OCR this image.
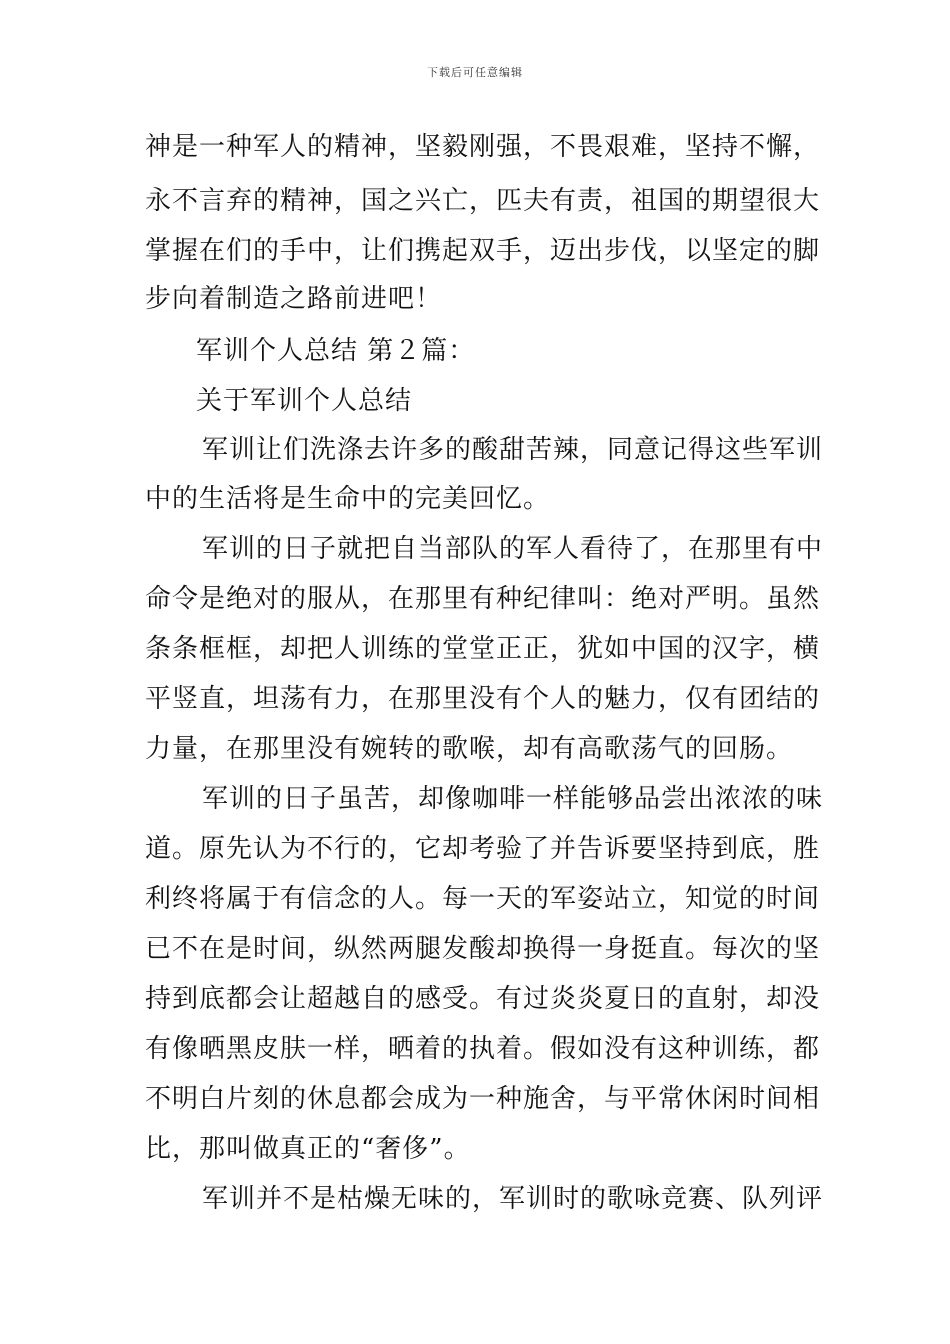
下载后可任意编辑
神是一种军人的精神，坚毅刚强，不畏艰难，坚持不懈，
永不言弃的精神，国之兴亡，匹夫有责，祖国的期望很大
掌握在们的手中，让们携起双手，迈出步伐，以坚定的脚
步向着制造之路前进吧！
军训个人总结 第２篇：
关于军训个人总结
军训让们洗涤去许多的酸甜苦辣，同意记得这些军训
中的生活将是生命中的完美回忆。
军训的日子就把自当部队的军人看待了，在那里有中
命令是绝对的服从，在那里有种纪律叫：绝对严明。虽然
条条框框，却把人训练的堂堂正正，犹如中国的汉字，横
平竖直，坦荡有力，在那里没有个人的魅力，仅有团结的
力量，在那里没有婉转的歌喉，却有高歌荡气的回肠。
军训的日子虽苦，却像咖啡一样能够品尝出浓浓的味
道。原先认为不行的，它却考验了并告诉要坚持到底，胜
利终将属于有信念的人。每一天的军姿站立，知觉的时间
已不在是时间，纵然两腿发酸却换得一身挺直。每次的坚
持到底都会让超越自的感受。有过炎炎夏日的直射，却没
有像晒黑皮肤一样，晒着的执着。假如没有这种训练，都
不明白片刻的休息都会成为一种施舍，与平常休闲时间相
比，那叫做真正的“奢侈”。
军训并不是枯燥无味的，军训时的歌咏竞赛、队列评
